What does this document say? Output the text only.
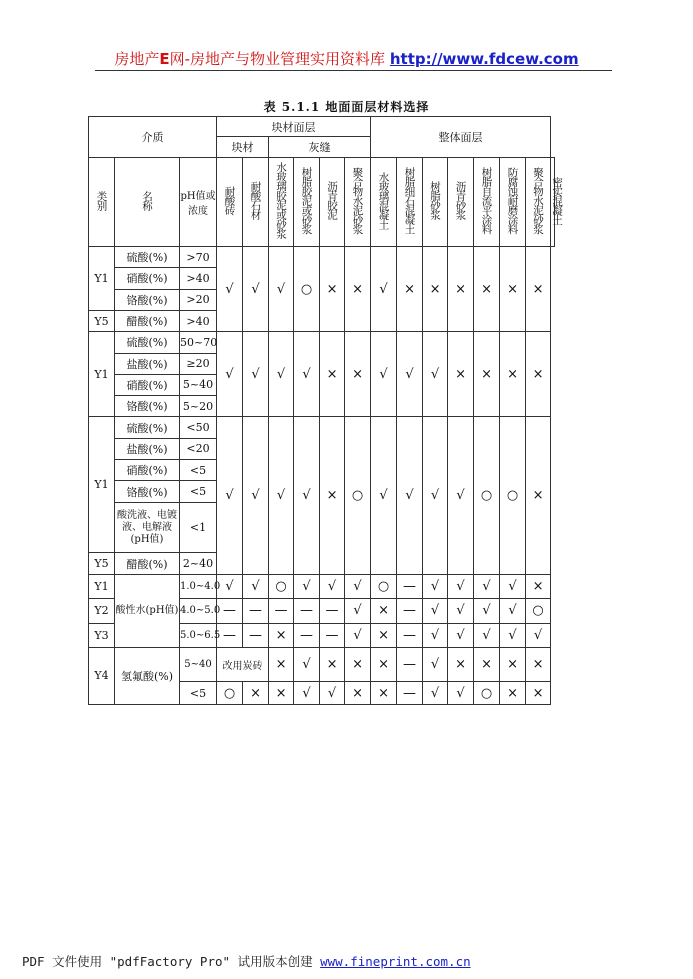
房地产E网-房地产与物业管理实用资料库 http://www.fdcew.com
表 5.1.1 地面面层材料选择
介质			块材面层						整体面层							
			块材		灰缝											
类别	名称	pH值或浓度	耐酸砖	耐酸石材	水玻璃胶泥或砂浆	树脂胶泥或砂浆	沥青胶泥	聚合物水泥砂浆	水玻璃混凝土	树脂细石混凝土	树脂砂浆	沥青砂浆	树脂自流平涂料	防腐蚀耐磨涂料	聚合物水泥砂浆	密实混凝土
Y1	硫酸(%)	>70	√	√	√	○	×	×	√	×	×	×	×	×	×	
	硝酸(%)	>40														
	铬酸(%)	>20														
Y5	醋酸(%)	>40														
Y1	硫酸(%)	50~70	√	√	√	√	×	×	√	√	√	×	×	×	×	
	盐酸(%)	≥20														
	硝酸(%)	5~40														
	铬酸(%)	5~20														
Y1	硫酸(%)	<50	√	√	√	√	×	○	√	√	√	√	○	○	×	
	盐酸(%)	<20														
	硝酸(%)	<5														
	铬酸(%)	<5														
	酸洗液、电镀液、电解液(pH值)	<1														
Y5	醋酸(%)	2~40														
Y1	酸性水(pH值)	1.0~4.0	√	√	○	√	√	√	○	—	√	√	√	√	×	
Y2		4.0~5.0	—	—	—	—	—	√	×	—	√	√	√	√	○	
Y3		5.0~6.5	—	—	×	—	—	√	×	—	√	√	√	√	√	
Y4	氢氟酸(%)	5~40	改用炭砖		×	√	×	×	×	—	√	×	×	×	×	
		<5	○	×	×	√	√	×	×	—	√	√	○	×	×	
PDF 文件使用 "pdfFactory Pro" 试用版本创建 www.fineprint.com.cn
